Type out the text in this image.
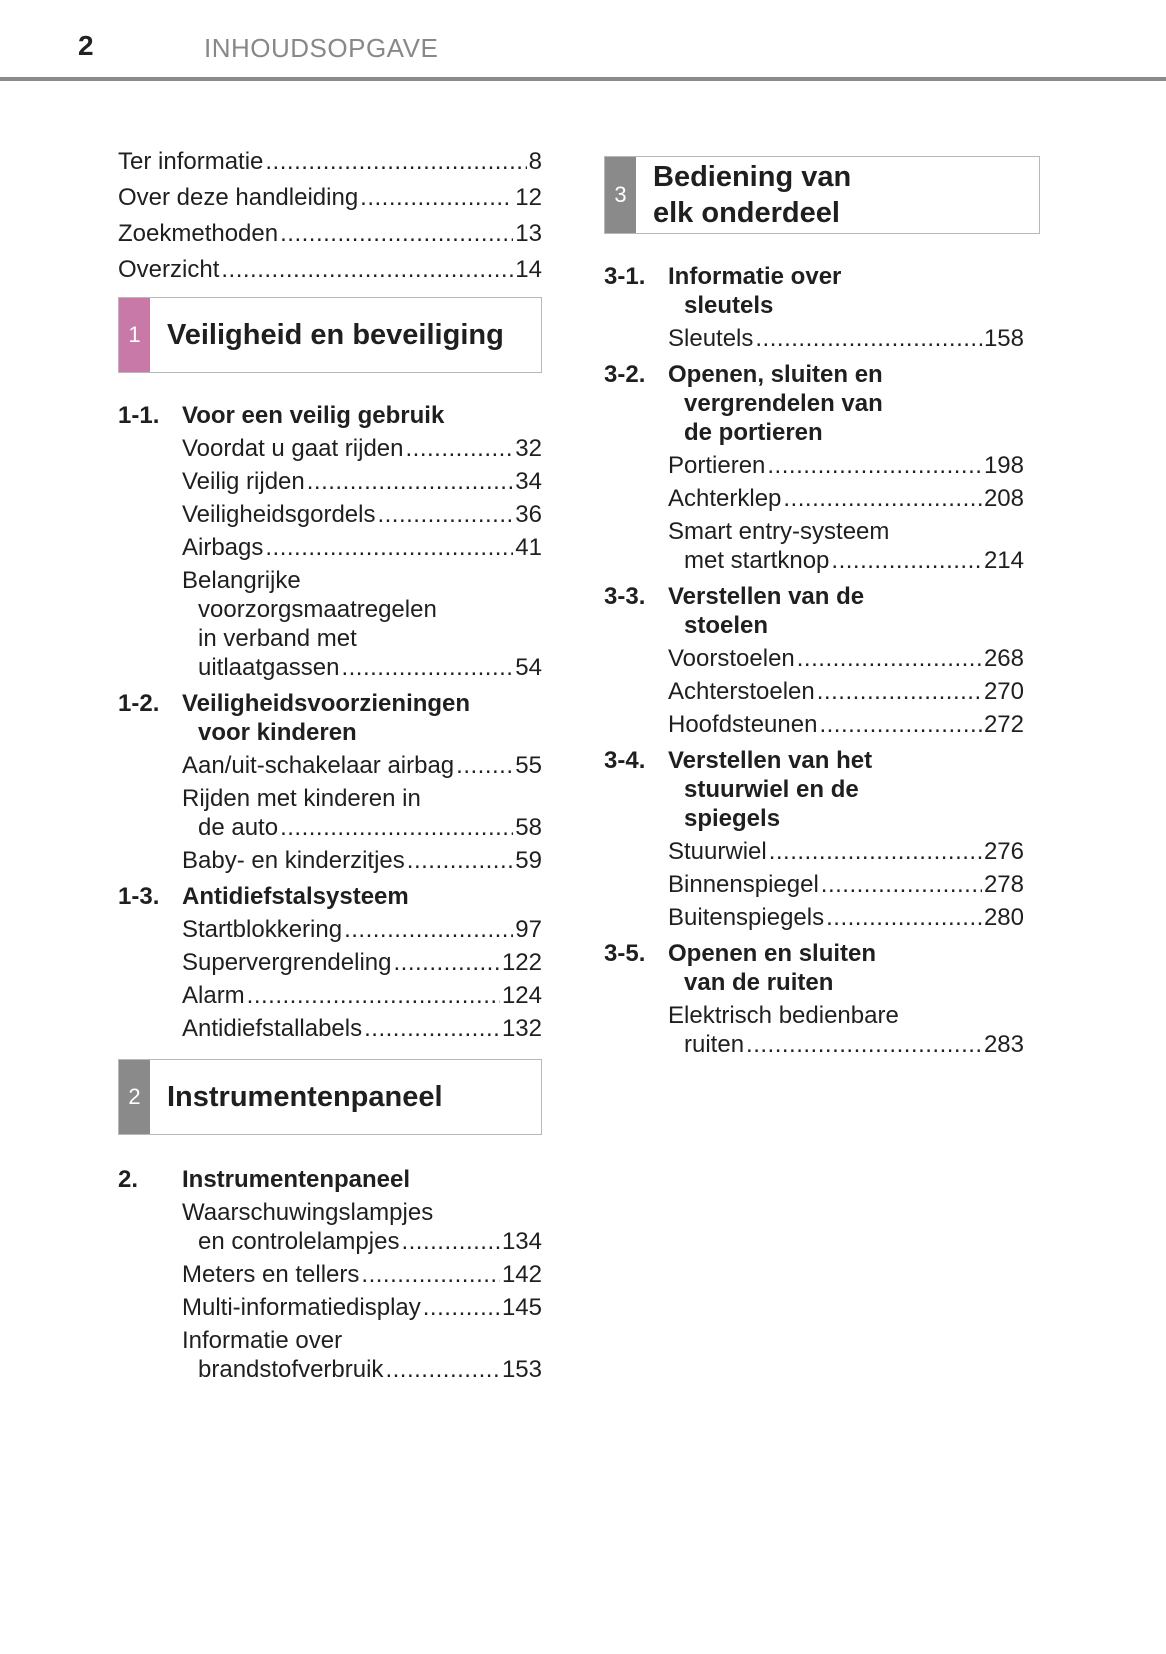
2	INHOUDSOPGAVE
Ter informatie .....	8
Over deze handleiding .....	12
Zoekmethoden .....	13
Overzicht .....	14
1 Veiligheid en beveiliging
1-1. Voor een veilig gebruik
Voordat u gaat rijden .....	32
Veilig rijden .....	34
Veiligheidsgordels .....	36
Airbags .....	41
Belangrijke
voorzorgsmaatregelen
in verband met
uitlaatgassen .....	54
1-2. Veiligheidsvoorzieningen
voor kinderen
Aan/uit-schakelaar airbag .....	55
Rijden met kinderen in
de auto .....	58
Baby- en kinderzitjes .....	59
1-3. Antidiefstalsysteem
Startblokkering .....	97
Supervergrendeling .....	122
Alarm .....	124
Antidiefstallabels .....	132
2 Instrumentenpaneel
2.	Instrumentenpaneel
Waarschuwingslampjes
en controlelampjes .....	134
Meters en tellers .....	142
Multi-informatiedisplay .....	145
Informatie over
brandstofverbruik .....	153
3
Bediening van
elk onderdeel
3-1. Informatie over
sleutels
Sleutels .....	158
3-2. Openen, sluiten en
vergrendelen van
de portieren
Portieren .....	198
Achterklep .....	208
Smart entry-systeem
met startknop .....	214
3-3. Verstellen van de
stoelen
Voorstoelen .....	268
Achterstoelen .....	270
Hoofdsteunen .....	272
3-4. Verstellen van het
stuurwiel en de
spiegels
Stuurwiel .....	276
Binnenspiegel .....	278
Buitenspiegels .....	280
3-5. Openen en sluiten
van de ruiten
Elektrisch bedienbare
ruiten .....	283
